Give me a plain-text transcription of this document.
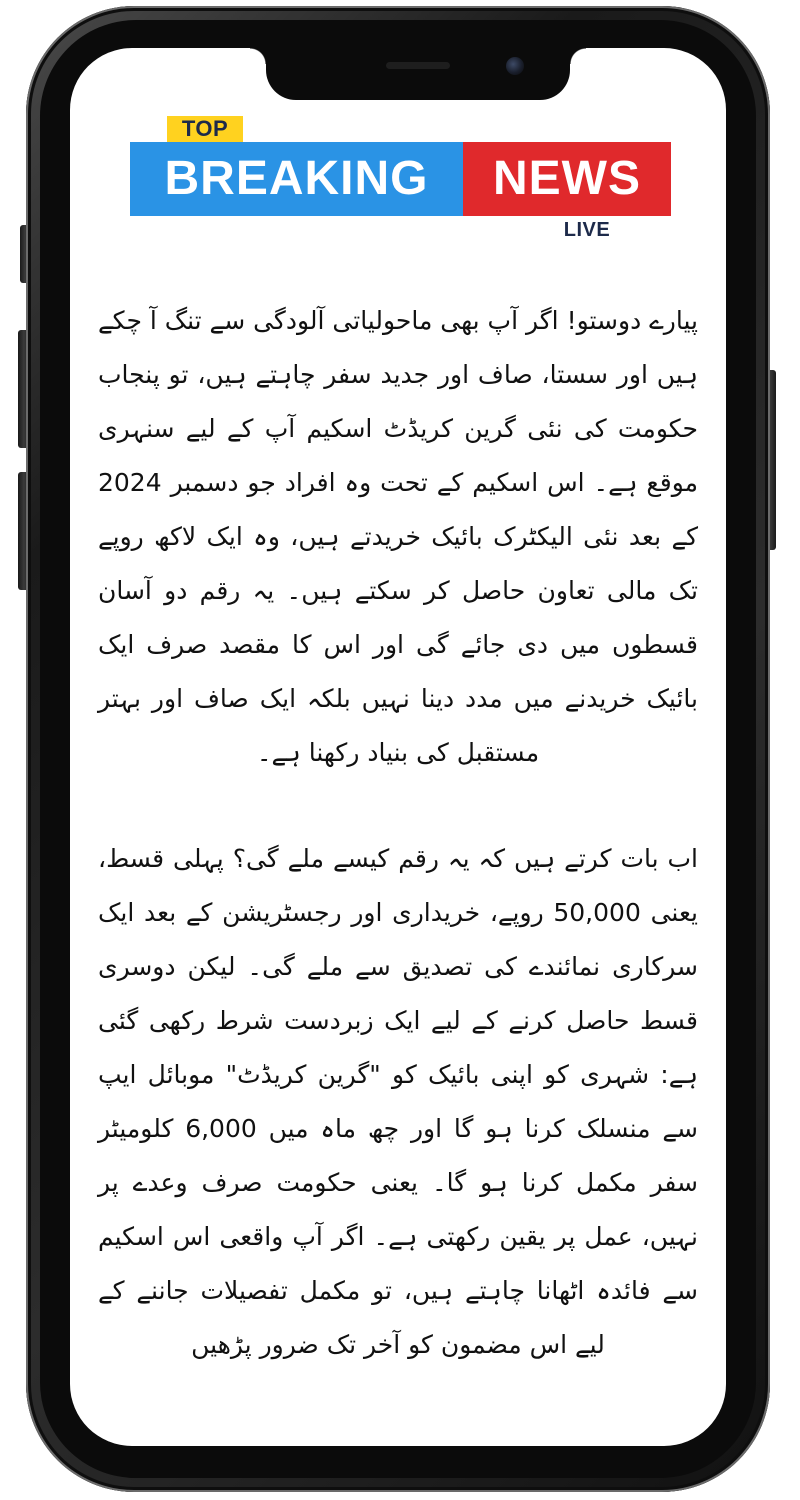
BREAKING	NEWS
TOP
LIVE

پیارے دوستو! اگر آپ بھی ماحولیاتی آلودگی سے تنگ آ چکے ہیں اور سستا، صاف اور جدید سفر چاہتے ہیں، تو پنجاب حکومت کی نئی گرین کریڈٹ اسکیم آپ کے لیے سنہری موقع ہے۔ اس اسکیم کے تحت وہ افراد جو دسمبر 2024 کے بعد نئی الیکٹرک بائیک خریدتے ہیں، وہ ایک لاکھ روپے تک مالی تعاون حاصل کر سکتے ہیں۔ یہ رقم دو آسان قسطوں میں دی جائے گی اور اس کا مقصد صرف ایک بائیک خریدنے میں مدد دینا نہیں بلکہ ایک صاف اور بہتر مستقبل کی بنیاد رکھنا ہے۔

اب بات کرتے ہیں کہ یہ رقم کیسے ملے گی؟ پہلی قسط، یعنی 50,000 روپے، خریداری اور رجسٹریشن کے بعد ایک سرکاری نمائندے کی تصدیق سے ملے گی۔ لیکن دوسری قسط حاصل کرنے کے لیے ایک زبردست شرط رکھی گئی ہے: شہری کو اپنی بائیک کو "گرین کریڈٹ" موبائل ایپ سے منسلک کرنا ہو گا اور چھ ماہ میں 6,000 کلومیٹر سفر مکمل کرنا ہو گا۔ یعنی حکومت صرف وعدے پر نہیں، عمل پر یقین رکھتی ہے۔ اگر آپ واقعی اس اسکیم سے فائدہ اٹھانا چاہتے ہیں، تو مکمل تفصیلات جاننے کے لیے اس مضمون کو آخر تک ضرور پڑھیں
